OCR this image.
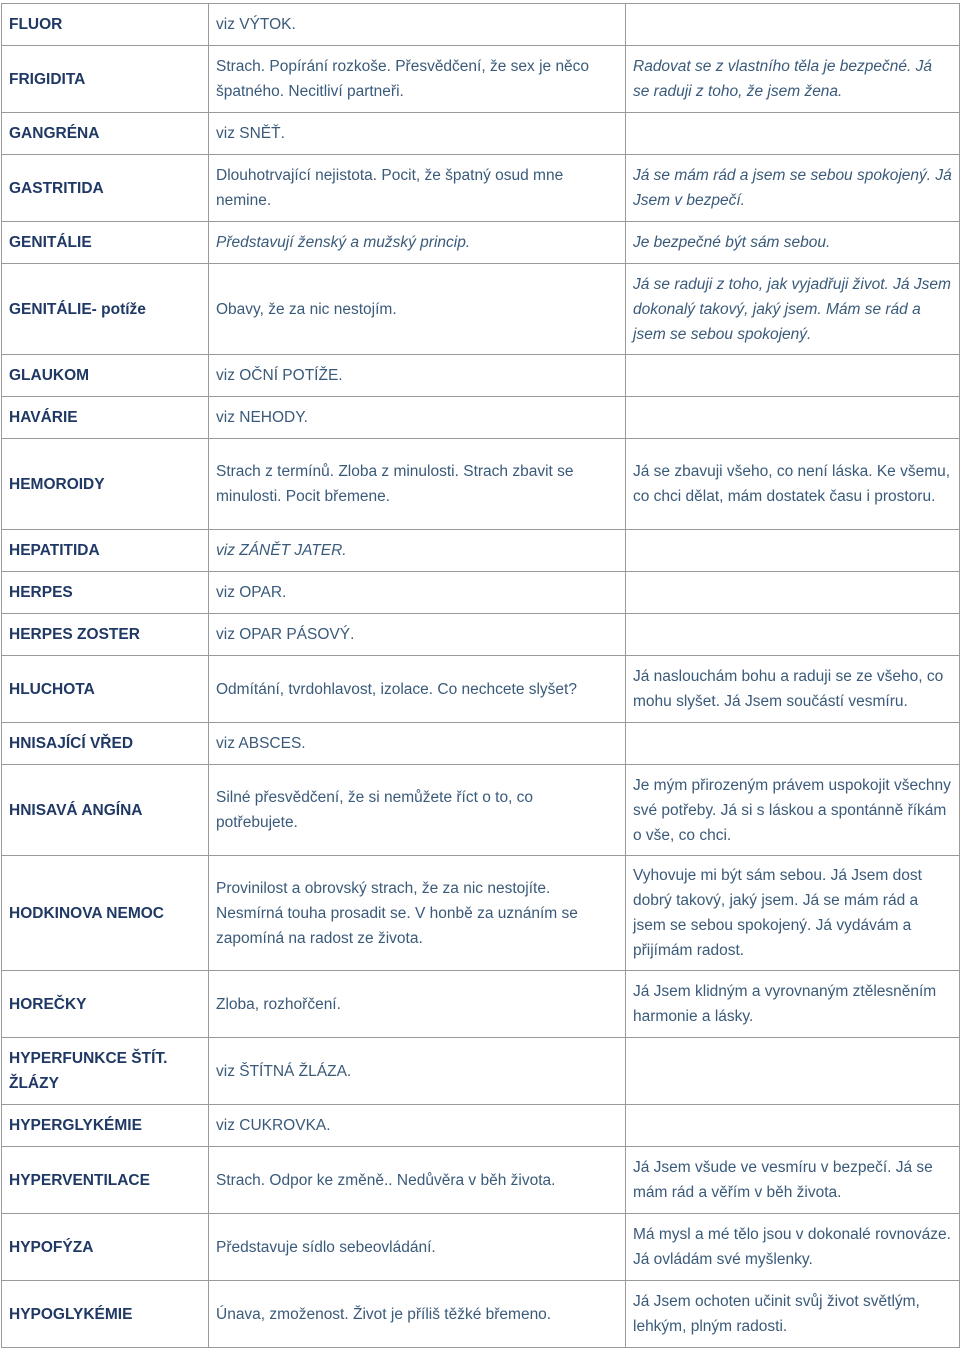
FLUOR	viz VÝTOK.	
FRIGIDITA	Strach. Popírání rozkoše. Přesvědčení, že sex je něco špatného. Necitliví partneři.	Radovat se z vlastního těla je bezpečné. Já se raduji z toho, že jsem žena.
GANGRÉNA	viz SNĚŤ.	
GASTRITIDA	Dlouhotrvající nejistota. Pocit, že špatný osud mne nemine.	Já se mám rád a jsem se sebou spokojený. Já Jsem v bezpečí.
GENITÁLIE	Představují ženský a mužský princip.	Je bezpečné být sám sebou.
GENITÁLIE- potíže	Obavy, že za nic nestojím.	Já se raduji z toho, jak vyjadřuji život. Já Jsem dokonalý takový, jaký jsem. Mám se rád a jsem se sebou spokojený.
GLAUKOM	viz OČNÍ POTÍŽE.	
HAVÁRIE	viz NEHODY.	
HEMOROIDY	Strach z termínů. Zloba z minulosti. Strach zbavit se minulosti. Pocit břemene.	Já se zbavuji všeho, co není láska. Ke všemu, co chci dělat, mám dostatek času i prostoru.
HEPATITIDA	viz ZÁNĚT JATER.	
HERPES	viz OPAR.	
HERPES ZOSTER	viz OPAR PÁSOVÝ.	
HLUCHOTA	Odmítání, tvrdohlavost, izolace. Co nechcete slyšet?	Já naslouchám bohu a raduji se ze všeho, co mohu slyšet. Já Jsem součástí vesmíru.
HNISAJÍCÍ VŘED	viz ABSCES.	
HNISAVÁ ANGÍNA	Silné přesvědčení, že si nemůžete říct o to, co potřebujete.	Je mým přirozeným právem uspokojit všechny své potřeby. Já si s láskou a spontánně říkám o vše, co chci.
HODKINOVA NEMOC	Provinilost a obrovský strach, že za nic nestojíte. Nesmírná touha prosadit se. V honbě za uznáním se zapomíná na radost ze života.	Vyhovuje mi být sám sebou. Já Jsem dost dobrý takový, jaký jsem. Já se mám rád a jsem se sebou spokojený. Já vydávám a přijímám radost.
HOREČKY	Zloba, rozhořčení.	Já Jsem klidným a vyrovnaným ztělesněním harmonie a lásky.
HYPERFUNKCE ŠTÍT. ŽLÁZY	viz ŠTÍTNÁ ŽLÁZA.	
HYPERGLYKÉMIE	viz CUKROVKA.	
HYPERVENTILACE	Strach. Odpor ke změně.. Nedůvěra v běh života.	Já Jsem všude ve vesmíru v bezpečí. Já se mám rád a věřím v běh života.
HYPOFÝZA	Představuje sídlo sebeovládání.	Má mysl a mé tělo jsou v dokonalé rovnováze. Já ovládám své myšlenky.
HYPOGLYKÉMIE	Únava, zmoženost. Život je příliš těžké břemeno.	Já Jsem ochoten učinit svůj život světlým, lehkým, plným radosti.
